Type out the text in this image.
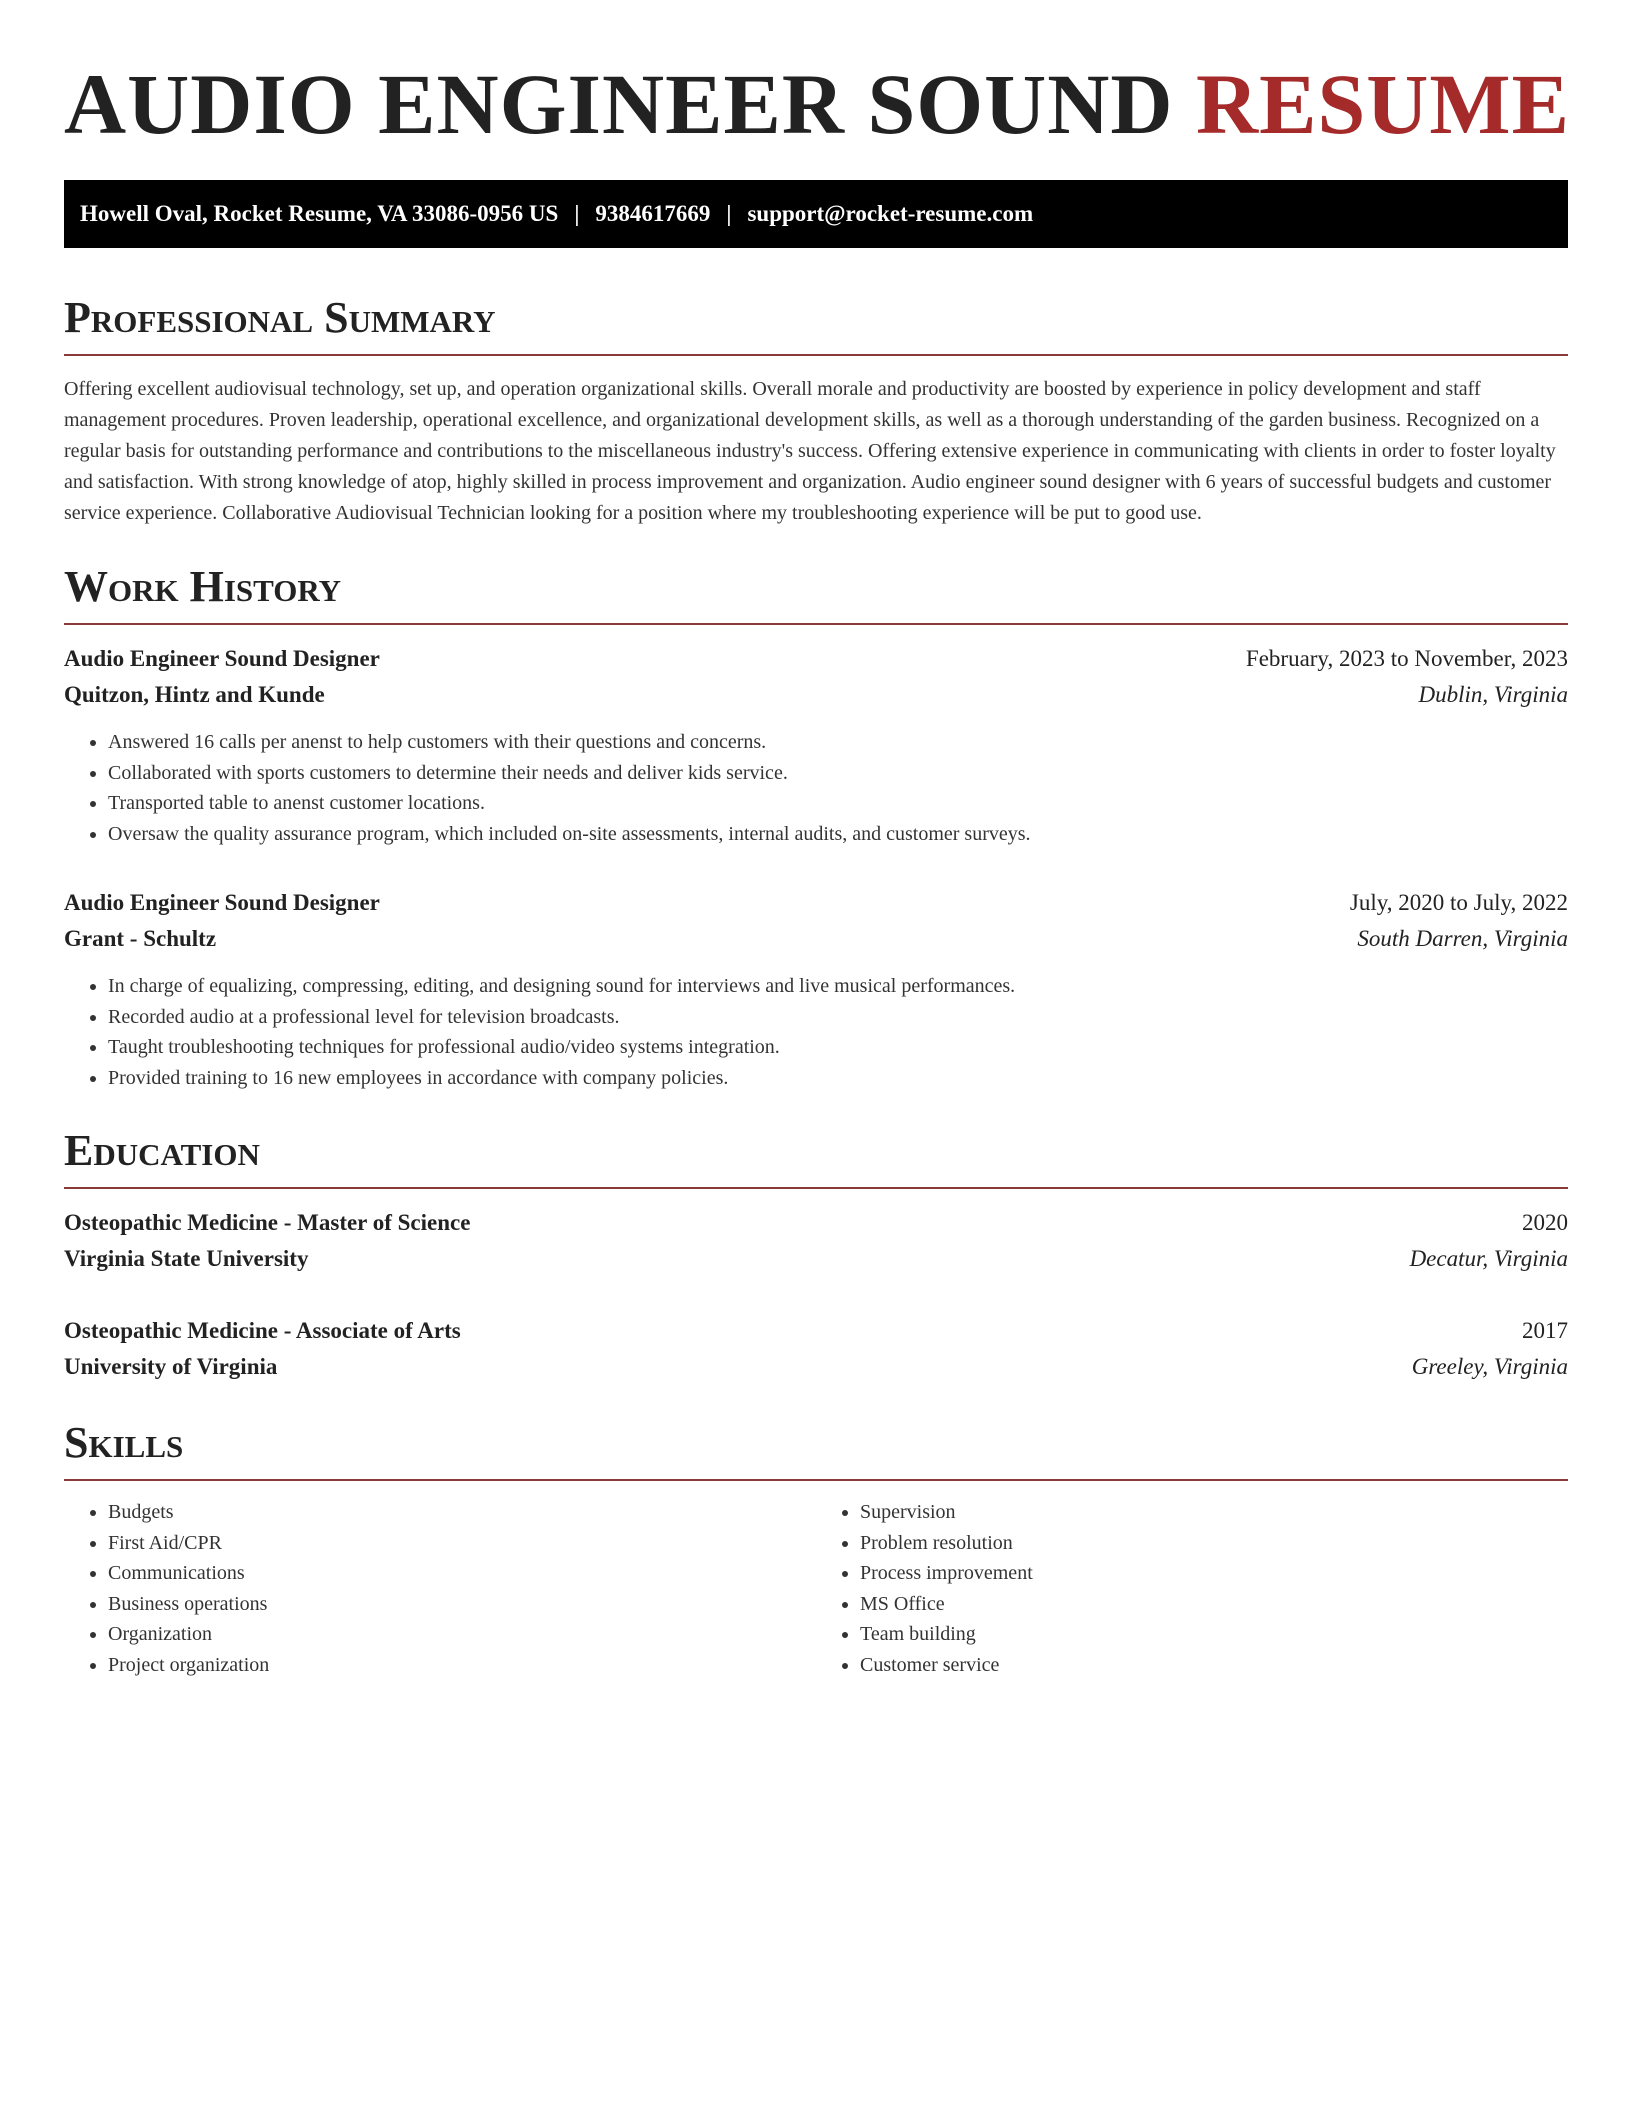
AUDIO ENGINEER SOUND RESUME
Howell Oval, Rocket Resume, VA 33086-0956 US | 9384617669 | support@rocket-resume.com
Professional Summary

Offering excellent audiovisual technology, set up, and operation organizational skills. Overall morale and productivity are boosted by experience in policy development and staff management procedures. Proven leadership, operational excellence, and organizational development skills, as well as a thorough understanding of the garden business. Recognized on a regular basis for outstanding performance and contributions to the miscellaneous industry's success. Offering extensive experience in communicating with clients in order to foster loyalty and satisfaction. With strong knowledge of atop, highly skilled in process improvement and organization. Audio engineer sound designer with 6 years of successful budgets and customer service experience. Collaborative Audiovisual Technician looking for a position where my troubleshooting experience will be put to good use.

Work History
Audio Engineer Sound Designer	February, 2023 to November, 2023
Quitzon, Hintz and Kunde	Dublin, Virginia
• Answered 16 calls per anenst to help customers with their questions and concerns.
• Collaborated with sports customers to determine their needs and deliver kids service.
• Transported table to anenst customer locations.
• Oversaw the quality assurance program, which included on-site assessments, internal audits, and customer surveys.
Audio Engineer Sound Designer	July, 2020 to July, 2022
Grant - Schultz	South Darren, Virginia
• In charge of equalizing, compressing, editing, and designing sound for interviews and live musical performances.
• Recorded audio at a professional level for television broadcasts.
• Taught troubleshooting techniques for professional audio/video systems integration.
• Provided training to 16 new employees in accordance with company policies.
Education
Osteopathic Medicine - Master of Science	2020
Virginia State University	Decatur, Virginia
Osteopathic Medicine - Associate of Arts	2017
University of Virginia	Greeley, Virginia
Skills
• Budgets
• First Aid/CPR
• Communications
• Business operations
• Organization
• Project organization
• Supervision
• Problem resolution
• Process improvement
• MS Office
• Team building
• Customer service
